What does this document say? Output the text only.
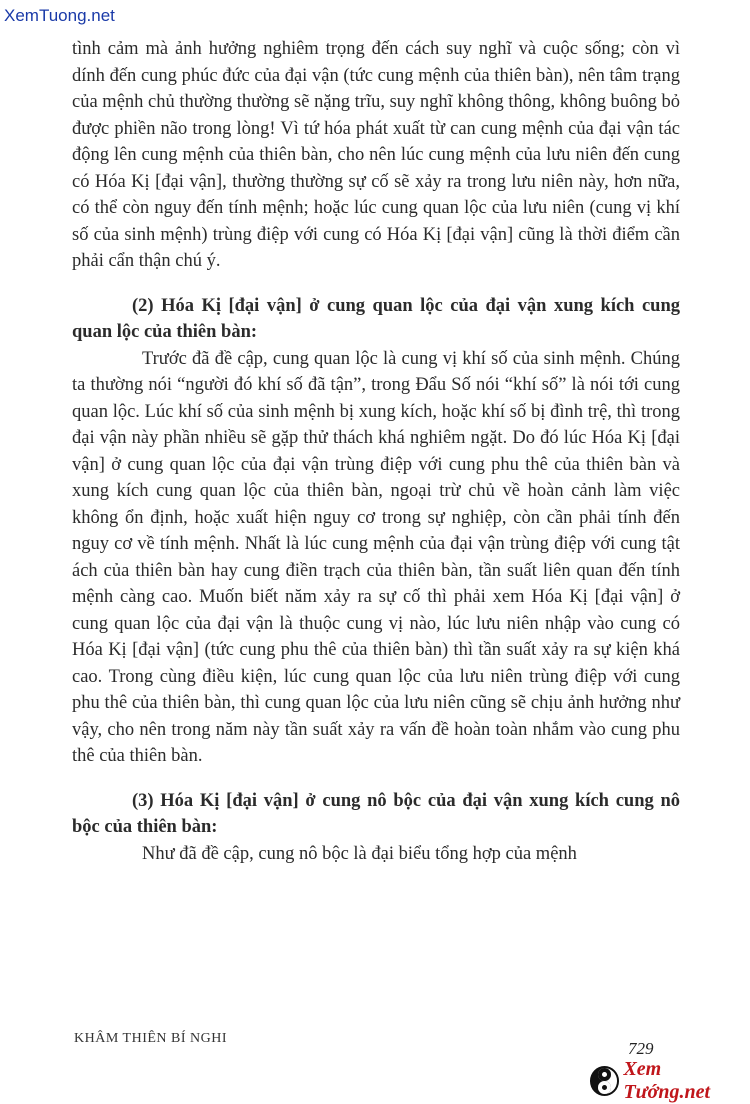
XemTuong.net

tình cảm mà ảnh hưởng nghiêm trọng đến cách suy nghĩ và cuộc sống; còn vì dính đến cung phúc đức của đại vận (tức cung mệnh của thiên bàn), nên tâm trạng của mệnh chủ thường thường sẽ nặng trĩu, suy nghĩ không thông, không buông bỏ được phiền não trong lòng! Vì tứ hóa phát xuất từ can cung mệnh của đại vận tác động lên cung mệnh của thiên bàn, cho nên lúc cung mệnh của lưu niên đến cung có Hóa Kị [đại vận], thường thường sự cố sẽ xảy ra trong lưu niên này, hơn nữa, có thể còn nguy đến tính mệnh; hoặc lúc cung quan lộc của lưu niên (cung vị khí số của sinh mệnh) trùng điệp với cung có Hóa Kị [đại vận] cũng là thời điểm cần phải cẩn thận chú ý.

(2) Hóa Kị [đại vận] ở cung quan lộc của đại vận xung kích cung quan lộc của thiên bàn:

Trước đã đề cập, cung quan lộc là cung vị khí số của sinh mệnh. Chúng ta thường nói “người đó khí số đã tận”, trong Đẩu Số nói “khí số” là nói tới cung quan lộc. Lúc khí số của sinh mệnh bị xung kích, hoặc khí số bị đình trệ, thì trong đại vận này phần nhiều sẽ gặp thử thách khá nghiêm ngặt. Do đó lúc Hóa Kị [đại vận] ở cung quan lộc của đại vận trùng điệp với cung phu thê của thiên bàn và xung kích cung quan lộc của thiên bàn, ngoại trừ chủ về hoàn cảnh làm việc không ổn định, hoặc xuất hiện nguy cơ trong sự nghiệp, còn cần phải tính đến nguy cơ về tính mệnh. Nhất là lúc cung mệnh của đại vận trùng điệp với cung tật ách của thiên bàn hay cung điền trạch của thiên bàn, tần suất liên quan đến tính mệnh càng cao. Muốn biết năm xảy ra sự cố thì phải xem Hóa Kị [đại vận] ở cung quan lộc của đại vận là thuộc cung vị nào, lúc lưu niên nhập vào cung có Hóa Kị [đại vận] (tức cung phu thê của thiên bàn) thì tần suất xảy ra sự kiện khá cao. Trong cùng điều kiện, lúc cung quan lộc của lưu niên trùng điệp với cung phu thê của thiên bàn, thì cung quan lộc của lưu niên cũng sẽ chịu ảnh hưởng như vậy, cho nên trong năm này tần suất xảy ra vấn đề hoàn toàn nhắm vào cung phu thê của thiên bàn.

(3) Hóa Kị [đại vận] ở cung nô bộc của đại vận xung kích cung nô bộc của thiên bàn:

Như đã đề cập, cung nô bộc là đại biểu tổng hợp của mệnh

KHÂM THIÊN BÍ NGHI
729
Xem Tướng.net
